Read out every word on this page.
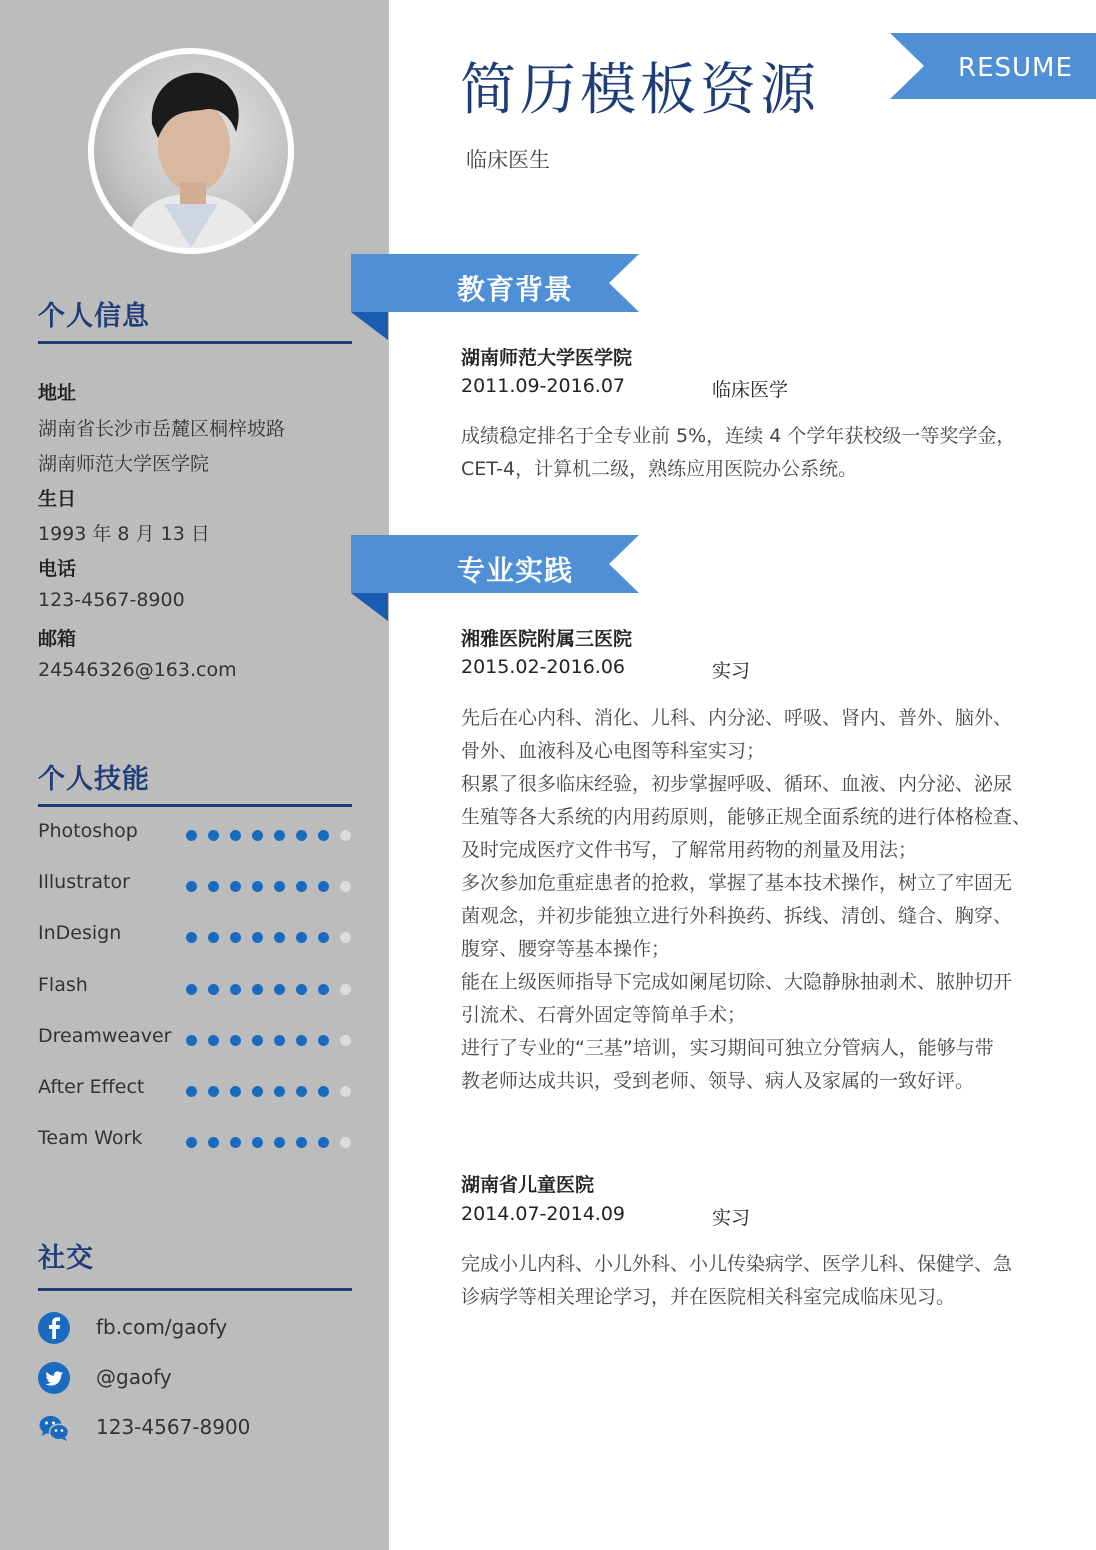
个人信息
地址
湖南省长沙市岳麓区桐梓坡路
湖南师范大学医学院
生日
1993 年 8 月 13 日
电话
123-4567-8900
邮箱
24546326@163.com
个人技能
Photoshop
Illustrator
InDesign
Flash
Dreamweaver
After Effect
Team Work
社交
fb.com/gaofy
@gaofy
123-4567-8900
简历模板资源
临床医生
RESUME
教育背景
湖南师范大学医学院
2011.09-2016.07	临床医学

成绩稳定排名于全专业前 5%，连续 4 个学年获校级一等奖学金，

CET-4，计算机二级，熟练应用医院办公系统。

专业实践
湘雅医院附属三医院
2015.02-2016.06	实习

先后在心内科、消化、儿科、内分泌、呼吸、肾内、普外、脑外、

骨外、血液科及心电图等科室实习；

积累了很多临床经验，初步掌握呼吸、循环、血液、内分泌、泌尿

生殖等各大系统的内用药原则，能够正规全面系统的进行体格检查、

及时完成医疗文件书写，了解常用药物的剂量及用法；

多次参加危重症患者的抢救，掌握了基本技术操作，树立了牢固无

菌观念，并初步能独立进行外科换药、拆线、清创、缝合、胸穿、

腹穿、腰穿等基本操作；

能在上级医师指导下完成如阑尾切除、大隐静脉抽剥术、脓肿切开

引流术、石膏外固定等简单手术；

进行了专业的“三基”培训，实习期间可独立分管病人，能够与带

教老师达成共识，受到老师、领导、病人及家属的一致好评。

湖南省儿童医院
2014.07-2014.09	实习

完成小儿内科、小儿外科、小儿传染病学、医学儿科、保健学、急

诊病学等相关理论学习，并在医院相关科室完成临床见习。
